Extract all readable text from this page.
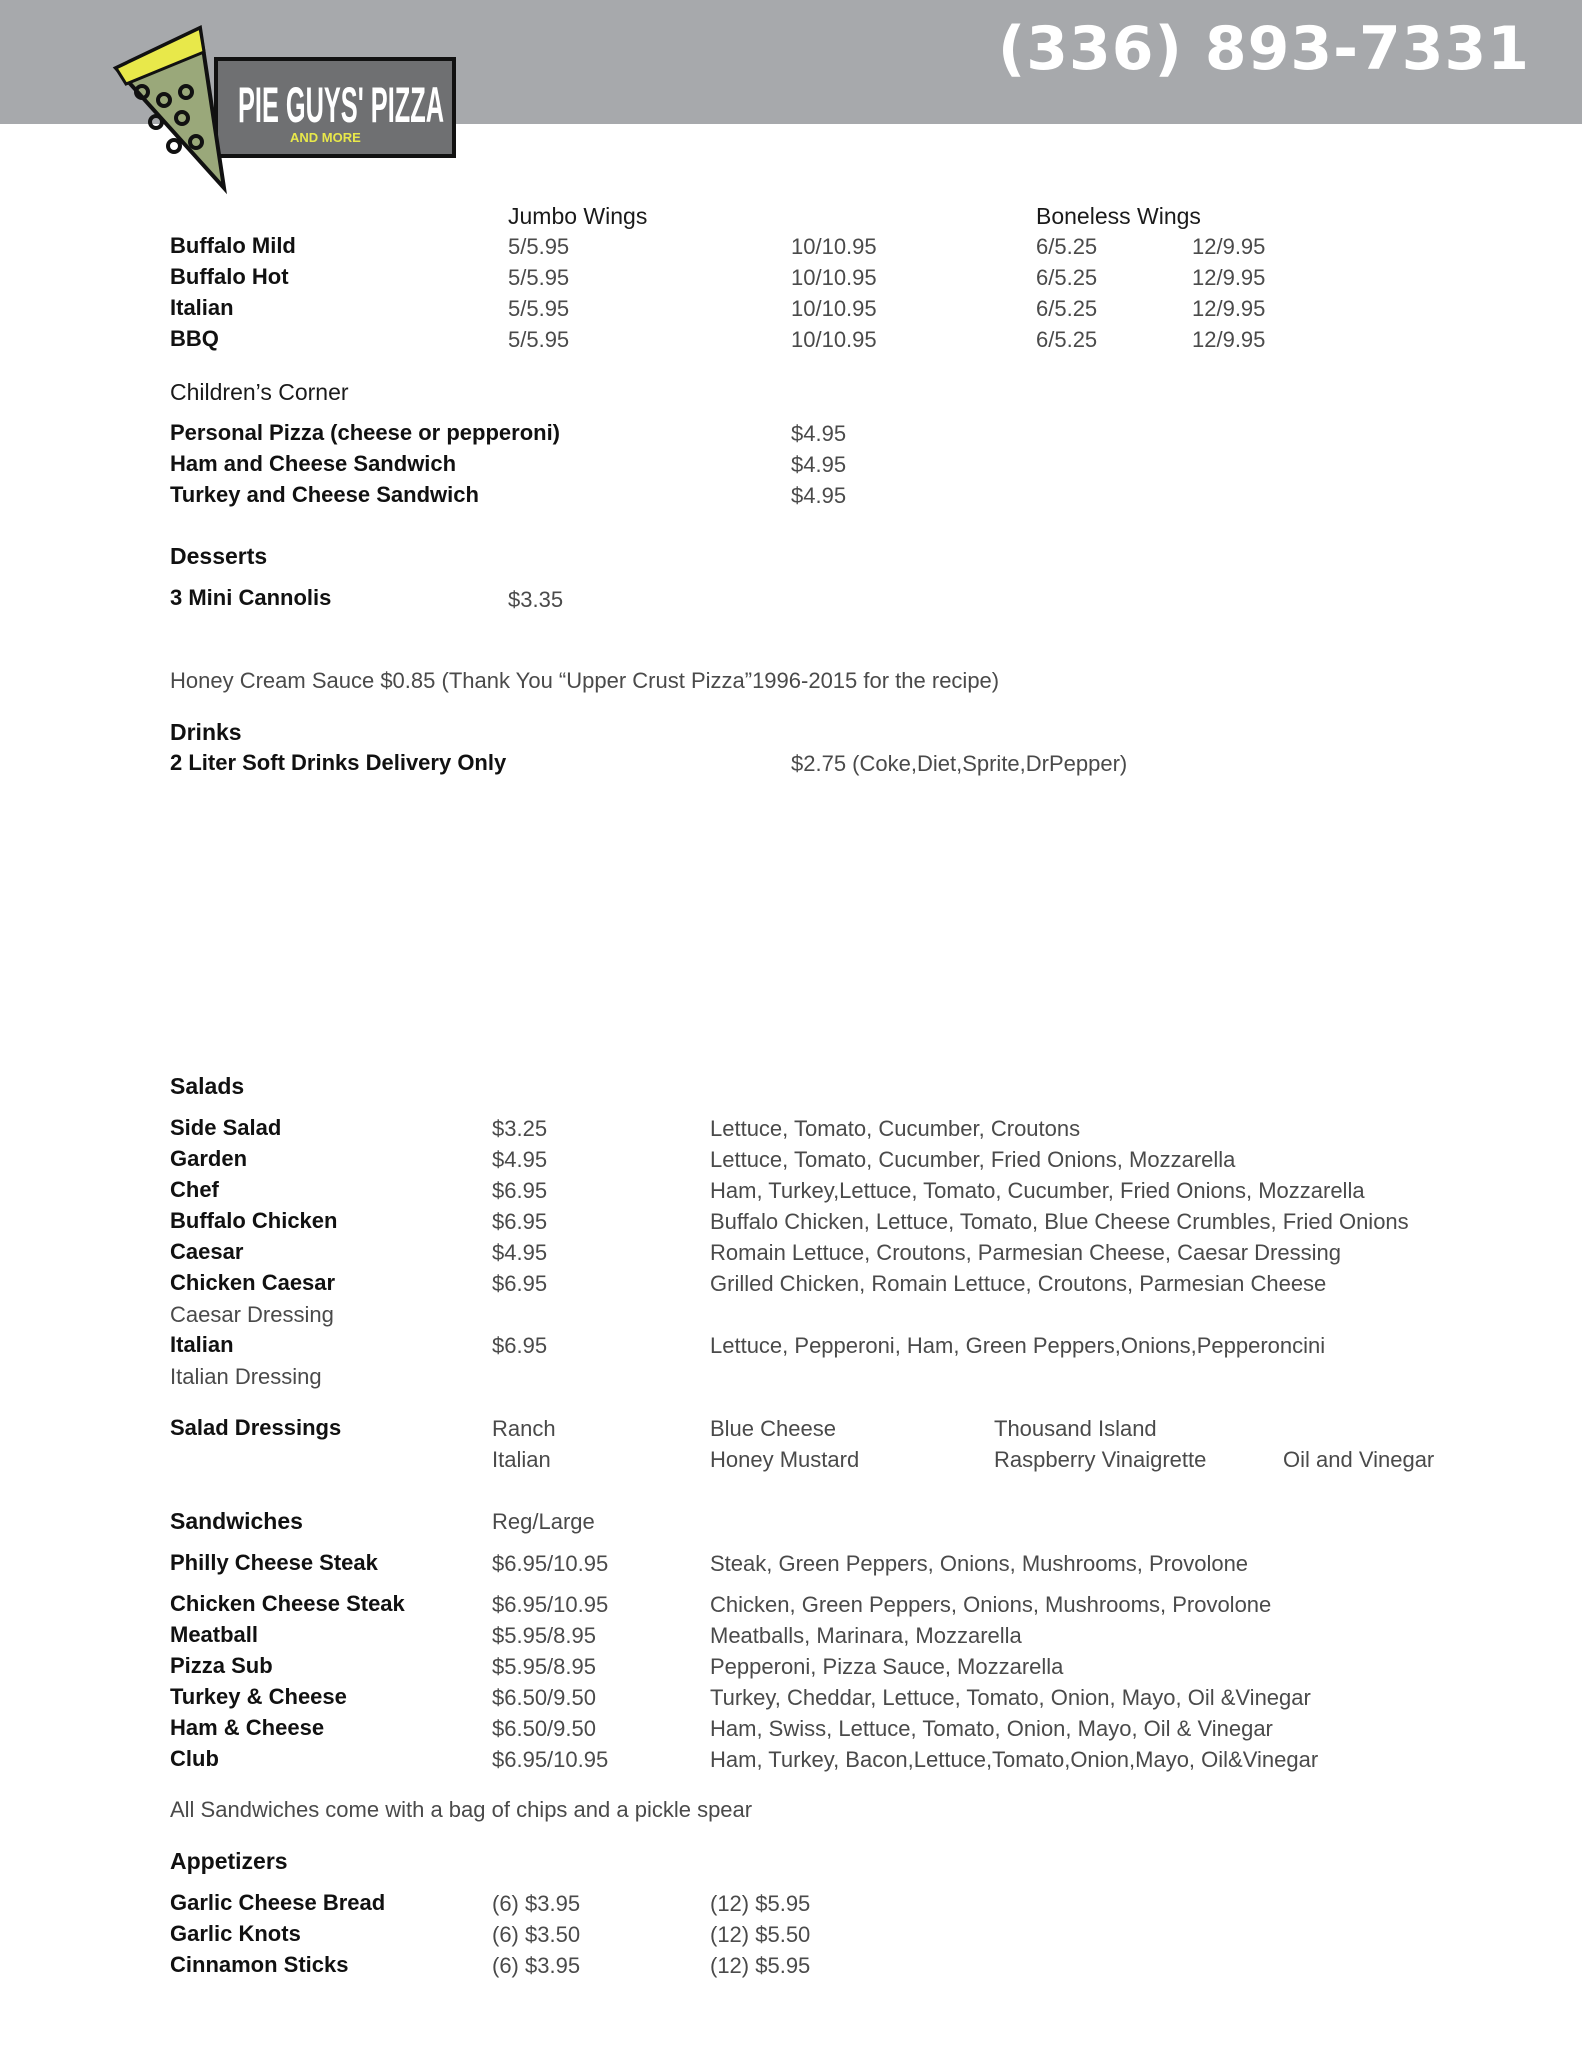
(336) 893-7331
PIE GUYS' PIZZA
AND MORE
Jumbo Wings	Boneless Wings
Buffalo Mild	5/5.95	10/10.95	6/5.25	12/9.95
Buffalo Hot	5/5.95	10/10.95	6/5.25	12/9.95
Italian	5/5.95	10/10.95	6/5.25	12/9.95
BBQ	5/5.95	10/10.95	6/5.25	12/9.95
Children’s Corner
Personal Pizza (cheese or pepperoni)	$4.95
Ham and Cheese Sandwich	$4.95
Turkey and Cheese Sandwich	$4.95
Desserts
3 Mini Cannolis	$3.35
Honey Cream Sauce $0.85 (Thank You “Upper Crust Pizza”1996-2015 for the recipe)
Drinks
2 Liter Soft Drinks Delivery Only	$2.75 (Coke,Diet,Sprite,DrPepper)
Salads
Side Salad	$3.25	Lettuce, Tomato, Cucumber, Croutons
Garden	$4.95	Lettuce, Tomato, Cucumber, Fried Onions, Mozzarella
Chef	$6.95	Ham, Turkey,Lettuce, Tomato, Cucumber, Fried Onions, Mozzarella
Buffalo Chicken	$6.95	Buffalo Chicken, Lettuce, Tomato, Blue Cheese Crumbles, Fried Onions
Caesar	$4.95	Romain Lettuce, Croutons, Parmesian Cheese, Caesar Dressing
Chicken Caesar	$6.95	Grilled Chicken, Romain Lettuce, Croutons, Parmesian Cheese
Caesar Dressing
Italian	$6.95	Lettuce, Pepperoni, Ham, Green Peppers,Onions,Pepperoncini
Italian Dressing
Salad Dressings	Ranch	Blue Cheese	Thousand Island
Italian	Honey Mustard	Raspberry Vinaigrette	Oil and Vinegar
Sandwiches	Reg/Large
Philly Cheese Steak	$6.95/10.95	Steak, Green Peppers, Onions, Mushrooms, Provolone
Chicken Cheese Steak	$6.95/10.95	Chicken, Green Peppers, Onions, Mushrooms, Provolone
Meatball	$5.95/8.95	Meatballs, Marinara, Mozzarella
Pizza Sub	$5.95/8.95	Pepperoni, Pizza Sauce, Mozzarella
Turkey & Cheese	$6.50/9.50	Turkey, Cheddar, Lettuce, Tomato, Onion, Mayo, Oil &Vinegar
Ham & Cheese	$6.50/9.50	Ham, Swiss, Lettuce, Tomato, Onion, Mayo, Oil & Vinegar
Club	$6.95/10.95	Ham, Turkey, Bacon,Lettuce,Tomato,Onion,Mayo, Oil&Vinegar
All Sandwiches come with a bag of chips and a pickle spear
Appetizers
Garlic Cheese Bread	(6) $3.95	(12) $5.95
Garlic Knots	(6) $3.50	(12) $5.50
Cinnamon Sticks	(6) $3.95	(12) $5.95
